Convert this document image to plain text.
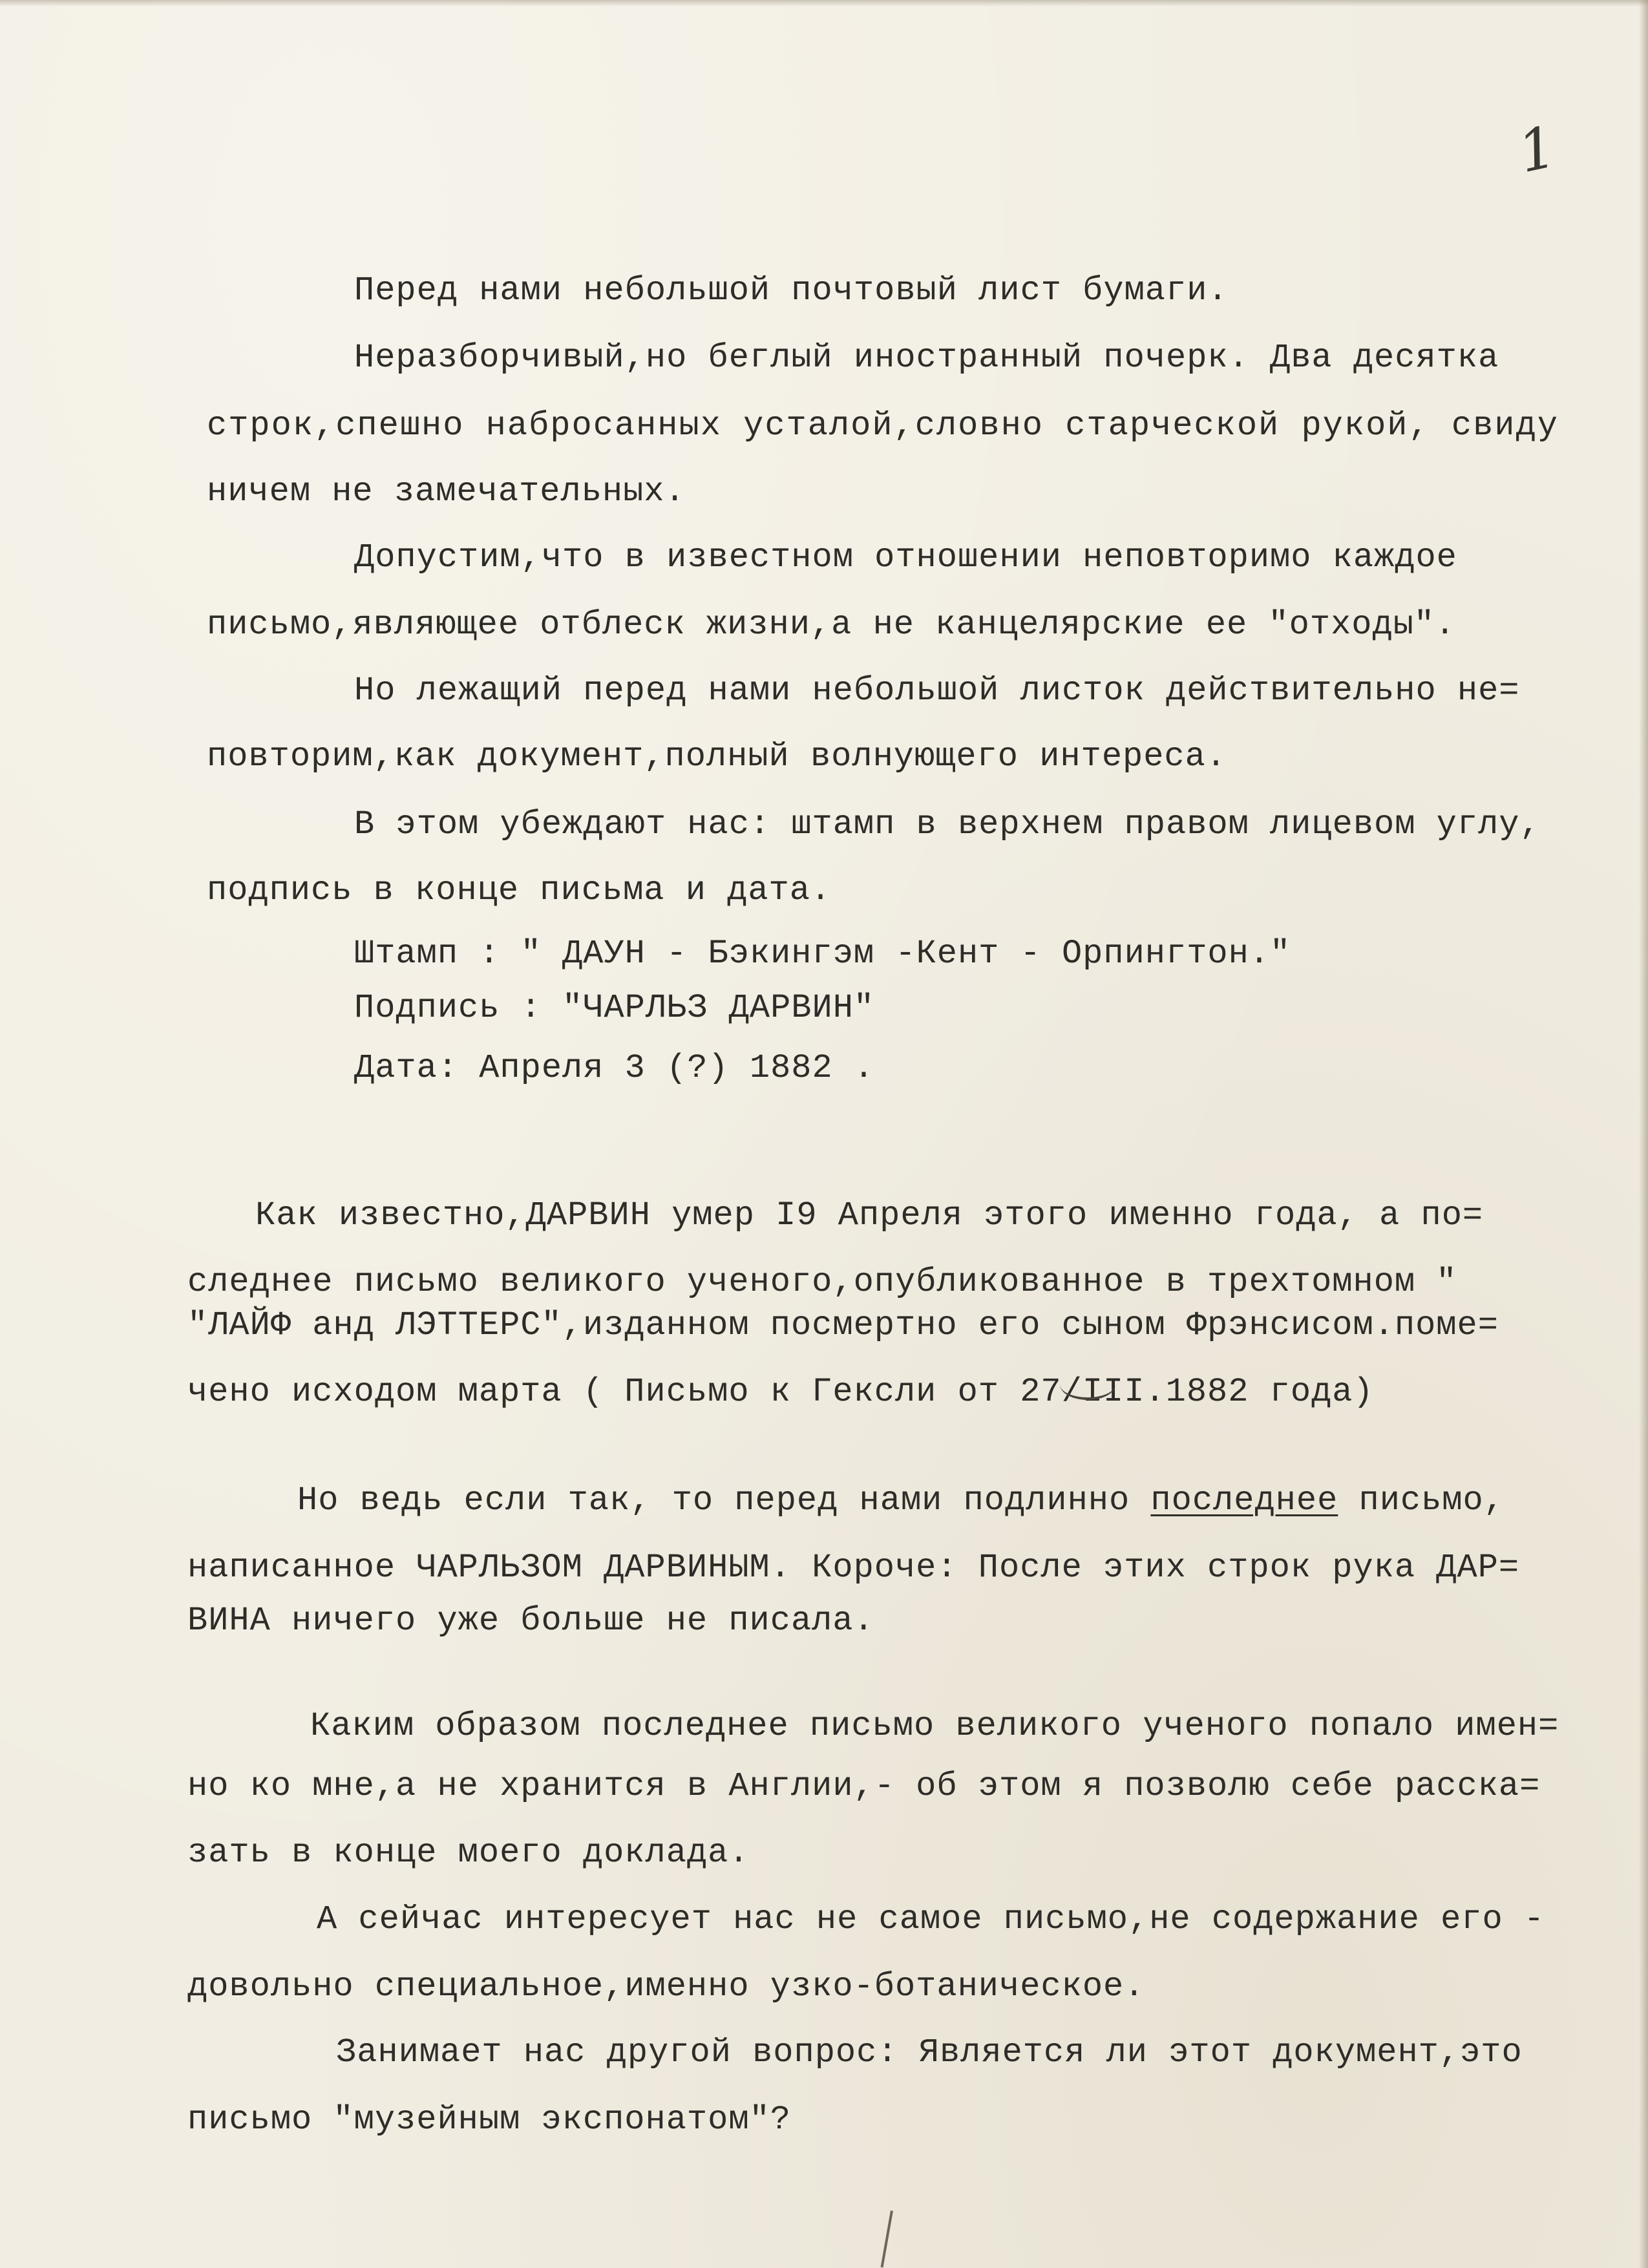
1
Перед нами небольшой почтовый лист бумаги.
Неразборчивый,но беглый иностранный почерк. Два десятка
строк,спешно набросанных усталой,словно старческой рукой, свиду
ничем не замечательных.
Допустим,что в известном отношении неповторимо каждое
письмо,являющее отблеск жизни,а не канцелярские ее "отходы".
Но лежащий перед нами небольшой листок действительно не=
повторим,как документ,полный волнующего интереса.
В этом убеждают нас: штамп в верхнем правом лицевом углу,
подпись в конце письма и дата.
Штамп : " ДАУН - Бэкингэм -Кент - Орпингтон."
Подпись : "ЧАРЛЬЗ ДАРВИН"
Дата: Апреля 3 (?) 1882 .
Как известно,ДАРВИН умер I9 Апреля этого именно года, а по=
следнее письмо великого ученого,опубликованное в трехтомном "
"ЛАЙФ анд ЛЭТТЕРС",изданном посмертно его сыном Фрэнсисом.поме=
чено исходом марта ( Письмо к Гексли от 27/III.1882 года)
Но ведь если так, то перед нами подлинно последнее письмо,
написанное ЧАРЛЬЗОМ ДАРВИНЫМ. Короче: После этих строк рука ДАР=
ВИНА ничего уже больше не писала.
Каким образом последнее письмо великого ученого попало имен=
но ко мне,а не хранится в Англии,- об этом я позволю себе расска=
зать в конце моего доклада.
А сейчас интересует нас не самое письмо,не содержание его -
довольно специальное,именно узко-ботаническое.
Занимает нас другой вопрос: Является ли этот документ,это
письмо "музейным экспонатом"?
